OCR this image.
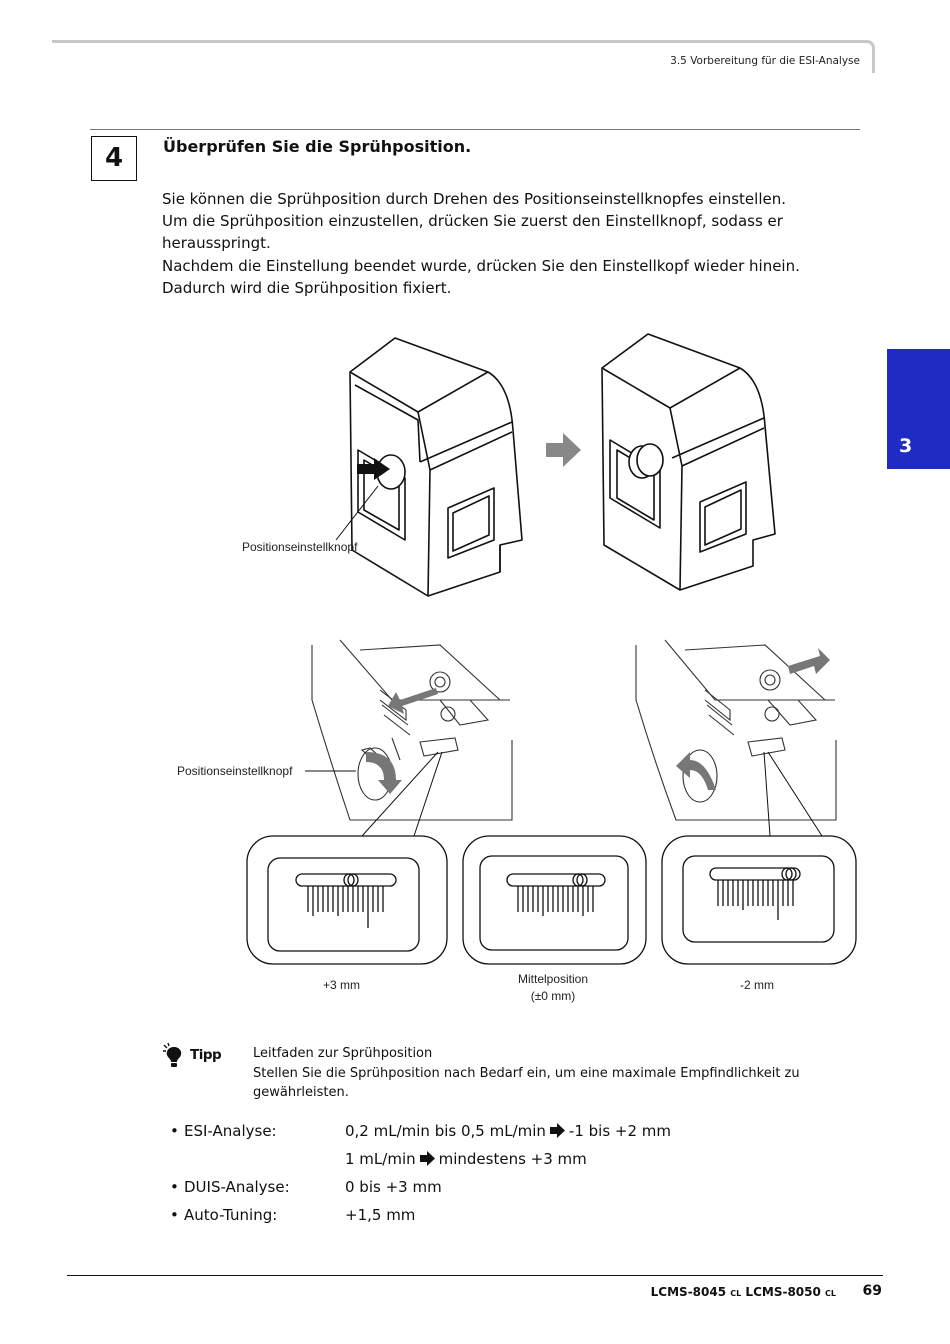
3.5 Vorbereitung für die ESI-Analyse
3
4	Überprüfen Sie die Sprühposition.

Sie können die Sprühposition durch Drehen des Positionseinstellknopfes einstellen.

Um die Sprühposition einzustellen, drücken Sie zuerst den Einstellknopf, sodass er herausspringt.

Nachdem die Einstellung beendet wurde, drücken Sie den Einstellkopf wieder hinein.

Dadurch wird die Sprühposition fixiert.

Positionseinstellknopf
Positionseinstellknopf
+3 mm	Mittelposition
(±0 mm)
-2 mm
Tipp Leitfaden zur Sprühposition
Stellen Sie die Sprühposition nach Bedarf ein, um eine maximale Empfindlichkeit zu gewährleisten.
• ESI-Analyse:	0,2 mL/min bis 0,5 mL/min -1 bis +2 mm
1 mL/min mindestens +3 mm
• DUIS-Analyse:	0 bis +3 mm
• Auto-Tuning:	+1,5 mm
LCMS-8045 CL LCMS-8050 CL 69
